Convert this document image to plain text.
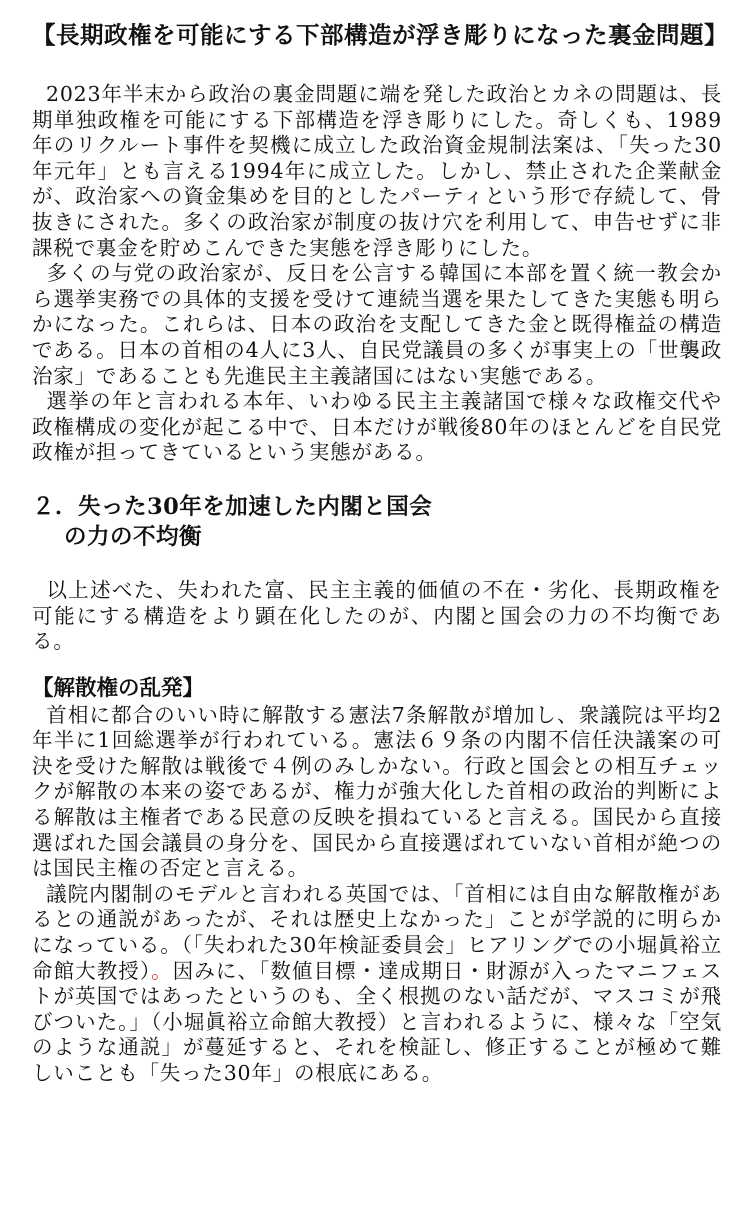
【長期政権を可能にする下部構造が浮き彫りになった裏金問題】

2023年半末から政治の裏金問題に端を発した政治とカネの問題は、長期単独政権を可能にする下部構造を浮き彫りにした。奇しくも、1989年のリクルート事件を契機に成立した政治資金規制法案は、「失った30年元年」とも言える1994年に成立した。しかし、禁止された企業献金が、政治家への資金集めを目的としたパーティという形で存続して、骨抜きにされた。多くの政治家が制度の抜け穴を利用して、申告せずに非課税で裏金を貯めこんできた実態を浮き彫りにした。

多くの与党の政治家が、反日を公言する韓国に本部を置く統一教会から選挙実務での具体的支援を受けて連続当選を果たしてきた実態も明らかになった。これらは、日本の政治を支配してきた金と既得権益の構造である。日本の首相の4人に3人、自民党議員の多くが事実上の「世襲政治家」であることも先進民主主義諸国にはない実態である。

選挙の年と言われる本年、いわゆる民主主義諸国で様々な政権交代や政権構成の変化が起こる中で、日本だけが戦後80年のほとんどを自民党政権が担ってきているという実態がある。

２．失った30年を加速した内閣と国会
の力の不均衡

以上述べた、失われた富、民主主義的価値の不在・劣化、長期政権を可能にする構造をより顕在化したのが、内閣と国会の力の不均衡である。

【解散権の乱発】

首相に都合のいい時に解散する憲法7条解散が増加し、衆議院は平均2年半に1回総選挙が行われている。憲法６９条の内閣不信任決議案の可決を受けた解散は戦後で４例のみしかない。行政と国会との相互チェックが解散の本来の姿であるが、権力が強大化した首相の政治的判断による解散は主権者である民意の反映を損ねていると言える。国民から直接選ばれた国会議員の身分を、国民から直接選ばれていない首相が絶つのは国民主権の否定と言える。

議院内閣制のモデルと言われる英国では、「首相には自由な解散権があるとの通説があったが、それは歴史上なかった」ことが学説的に明らかになっている。（「失われた30年検証委員会」ヒアリングでの小堀眞裕立命館大教授）。因みに、「数値目標・達成期日・財源が入ったマニフェストが英国ではあったというのも、全く根拠のない話だが、マスコミが飛びついた。」（小堀眞裕立命館大教授）と言われるように、様々な「空気のような通説」が蔓延すると、それを検証し、修正することが極めて難しいことも「失った30年」の根底にある。
